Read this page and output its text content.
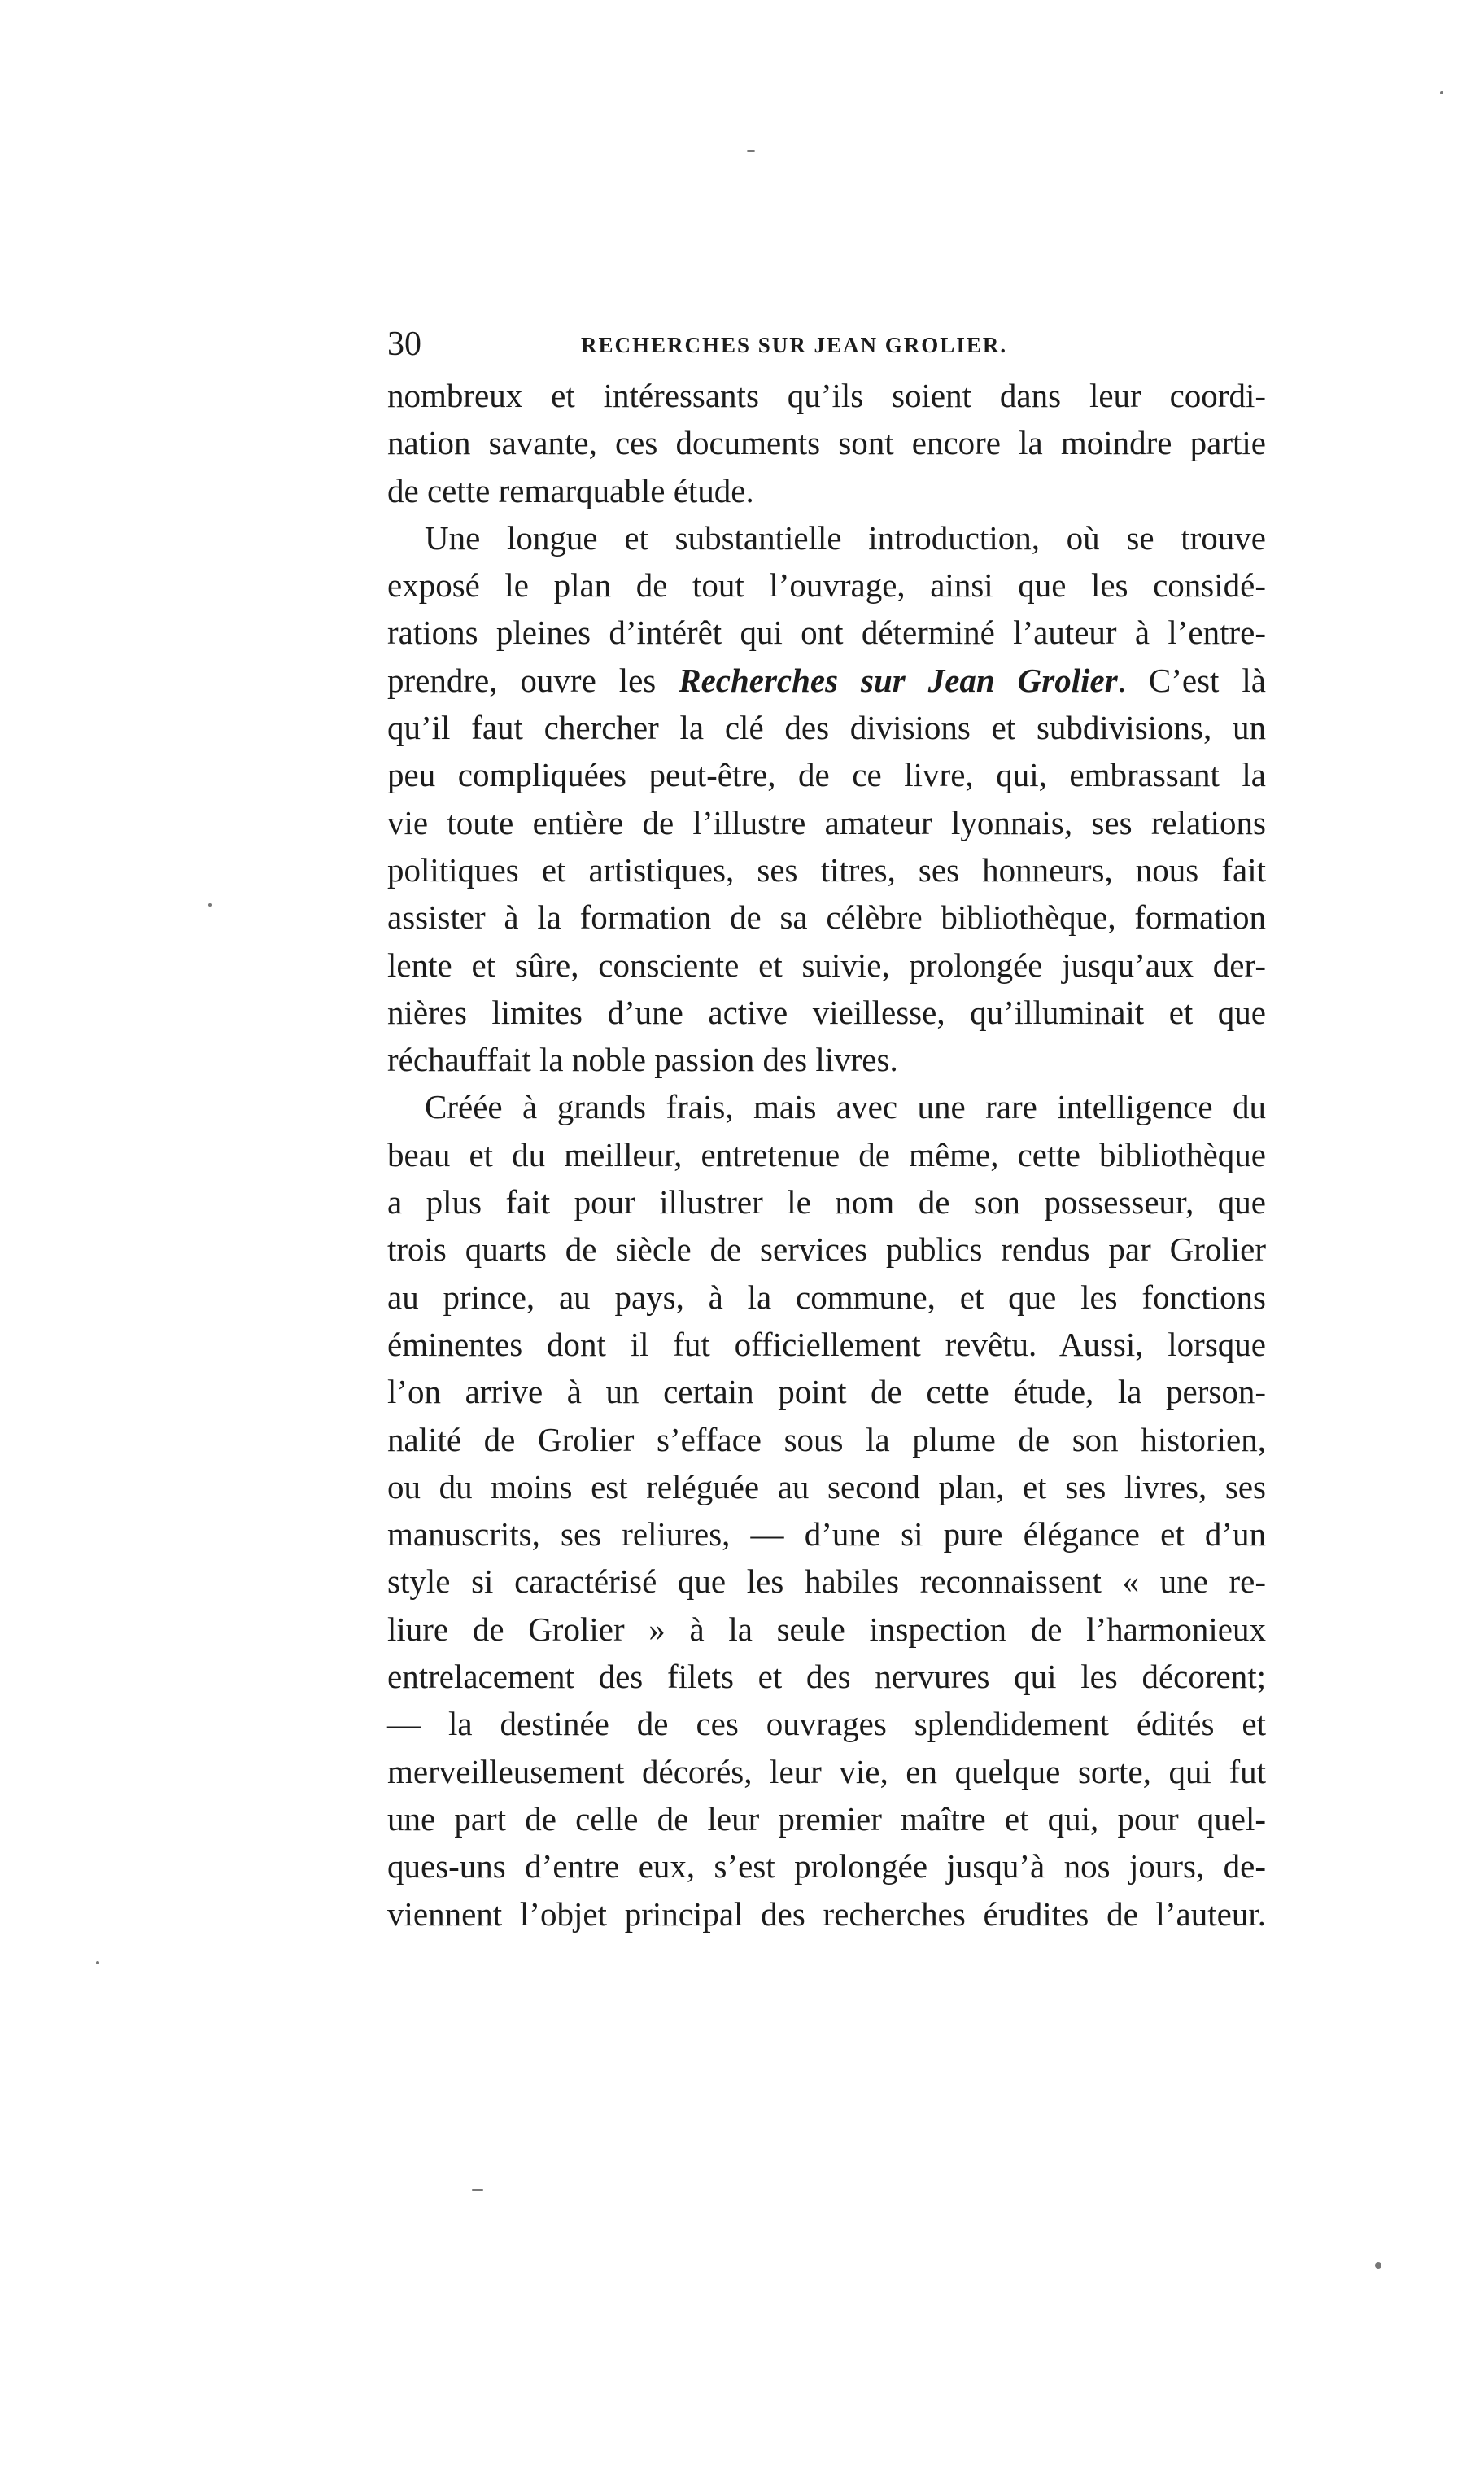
30	RECHERCHES SUR JEAN GROLIER.
nombreux et intéressants qu’ils soient dans leur coordi-
nation savante, ces documents sont encore la moindre partie
de cette remarquable étude.
Une longue et substantielle introduction, où se trouve
exposé le plan de tout l’ouvrage, ainsi que les considé-
rations pleines d’intérêt qui ont déterminé l’auteur à l’entre-
prendre, ouvre les Recherches sur Jean Grolier. C’est là
qu’il faut chercher la clé des divisions et subdivisions, un
peu compliquées peut-être, de ce livre, qui, embrassant la
vie toute entière de l’illustre amateur lyonnais, ses relations
politiques et artistiques, ses titres, ses honneurs, nous fait
assister à la formation de sa célèbre bibliothèque, formation
lente et sûre, consciente et suivie, prolongée jusqu’aux der-
nières limites d’une active vieillesse, qu’illuminait et que
réchauffait la noble passion des livres.
Créée à grands frais, mais avec une rare intelligence du
beau et du meilleur, entretenue de même, cette bibliothèque
a plus fait pour illustrer le nom de son possesseur, que
trois quarts de siècle de services publics rendus par Grolier
au prince, au pays, à la commune, et que les fonctions
éminentes dont il fut officiellement revêtu. Aussi, lorsque
l’on arrive à un certain point de cette étude, la person-
nalité de Grolier s’efface sous la plume de son historien,
ou du moins est reléguée au second plan, et ses livres, ses
manuscrits, ses reliures, — d’une si pure élégance et d’un
style si caractérisé que les habiles reconnaissent « une re-
liure de Grolier » à la seule inspection de l’harmonieux
entrelacement des filets et des nervures qui les décorent;
— la destinée de ces ouvrages splendidement édités et
merveilleusement décorés, leur vie, en quelque sorte, qui fut
une part de celle de leur premier maître et qui, pour quel-
ques-uns d’entre eux, s’est prolongée jusqu’à nos jours, de-
viennent l’objet principal des recherches érudites de l’auteur.
